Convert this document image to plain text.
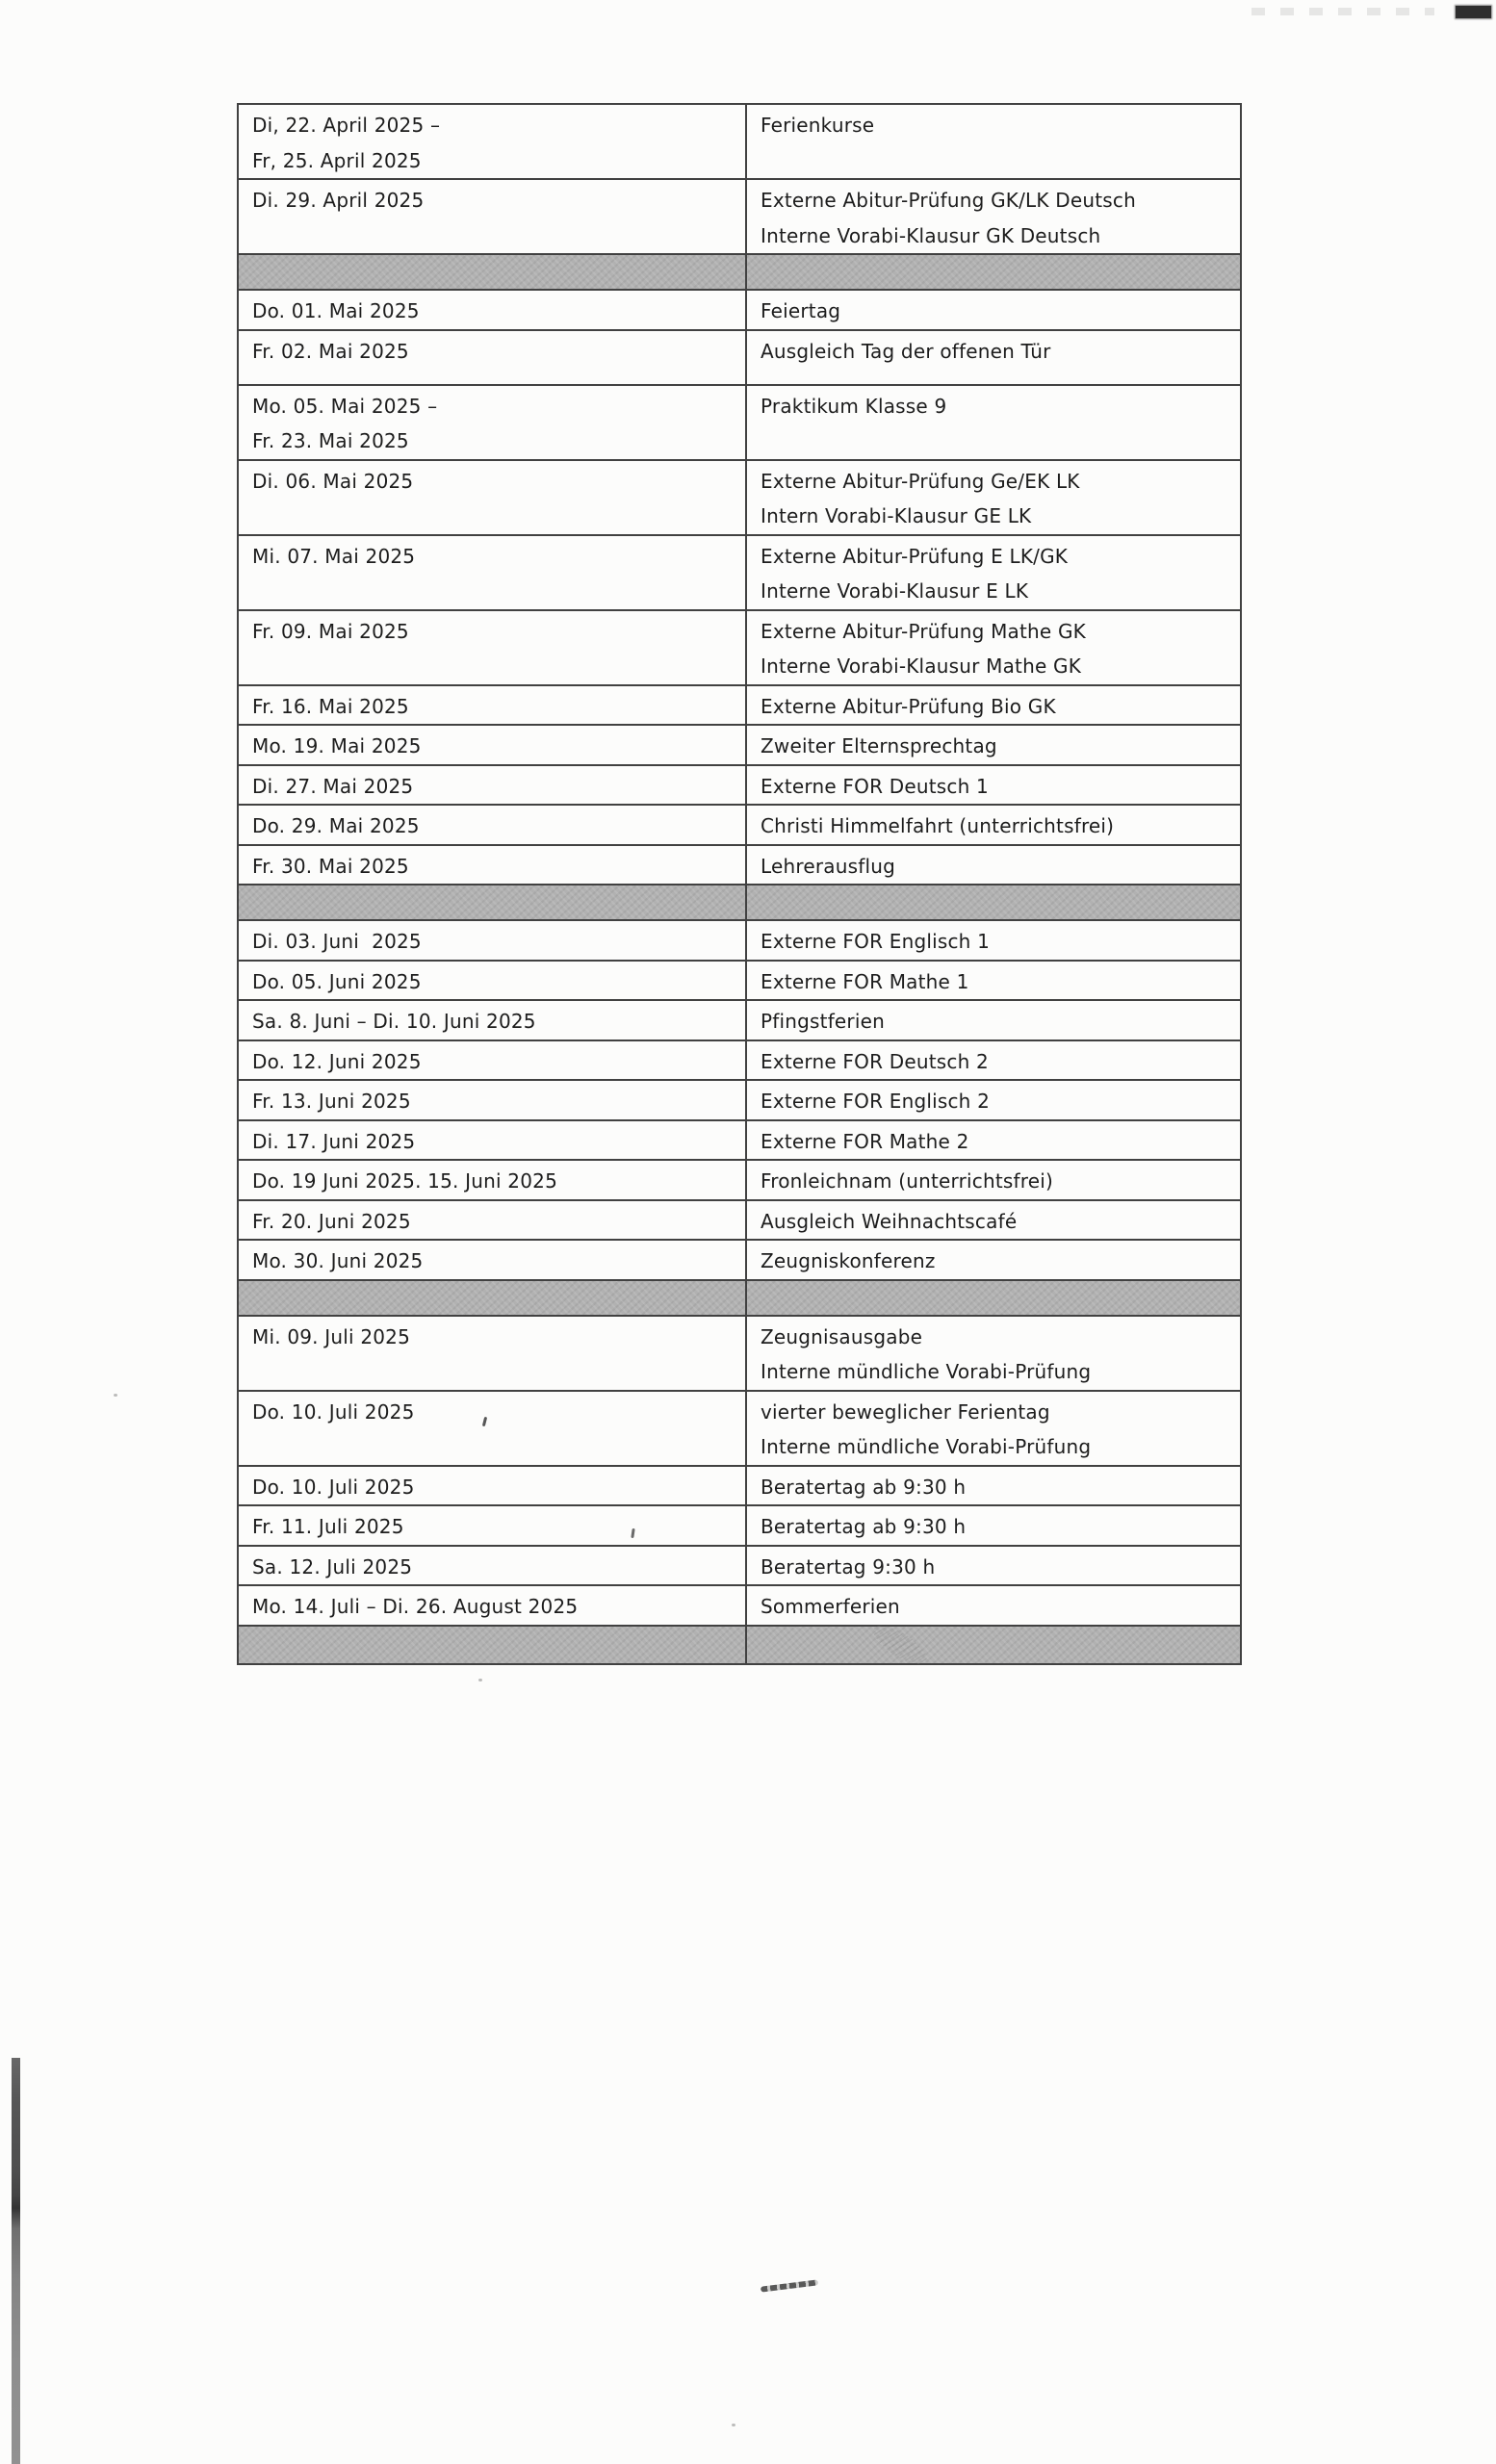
Di, 22. April 2025 –
Fr, 25. April 2025	Ferienkurse

Di. 29. April 2025	Externe Abitur-Prüfung GK/LK Deutsch
Interne Vorabi-Klausur GK Deutsch

Do. 01. Mai 2025	Feiertag

Fr. 02. Mai 2025	Ausgleich Tag der offenen Tür

Mo. 05. Mai 2025 –
Fr. 23. Mai 2025	Praktikum Klasse 9

Di. 06. Mai 2025	Externe Abitur-Prüfung Ge/EK LK
Intern Vorabi-Klausur GE LK

Mi. 07. Mai 2025	Externe Abitur-Prüfung E LK/GK
Interne Vorabi-Klausur E LK

Fr. 09. Mai 2025	Externe Abitur-Prüfung Mathe GK
Interne Vorabi-Klausur Mathe GK

Fr. 16. Mai 2025	Externe Abitur-Prüfung Bio GK

Mo. 19. Mai 2025	Zweiter Elternsprechtag

Di. 27. Mai 2025	Externe FOR Deutsch 1

Do. 29. Mai 2025	Christi Himmelfahrt (unterrichtsfrei)

Fr. 30. Mai 2025	Lehrerausflug

Di. 03. Juni  2025	Externe FOR Englisch 1

Do. 05. Juni 2025	Externe FOR Mathe 1

Sa. 8. Juni – Di. 10. Juni 2025	Pfingstferien

Do. 12. Juni 2025	Externe FOR Deutsch 2

Fr. 13. Juni 2025	Externe FOR Englisch 2

Di. 17. Juni 2025	Externe FOR Mathe 2

Do. 19 Juni 2025. 15. Juni 2025	Fronleichnam (unterrichtsfrei)

Fr. 20. Juni 2025	Ausgleich Weihnachtscafé

Mo. 30. Juni 2025	Zeugniskonferenz

Mi. 09. Juli 2025	Zeugnisausgabe
Interne mündliche Vorabi-Prüfung

Do. 10. Juli 2025	vierter beweglicher Ferientag
Interne mündliche Vorabi-Prüfung

Do. 10. Juli 2025	Beratertag ab 9:30 h

Fr. 11. Juli 2025	Beratertag ab 9:30 h

Sa. 12. Juli 2025	Beratertag 9:30 h

Mo. 14. Juli – Di. 26. August 2025	Sommerferien
